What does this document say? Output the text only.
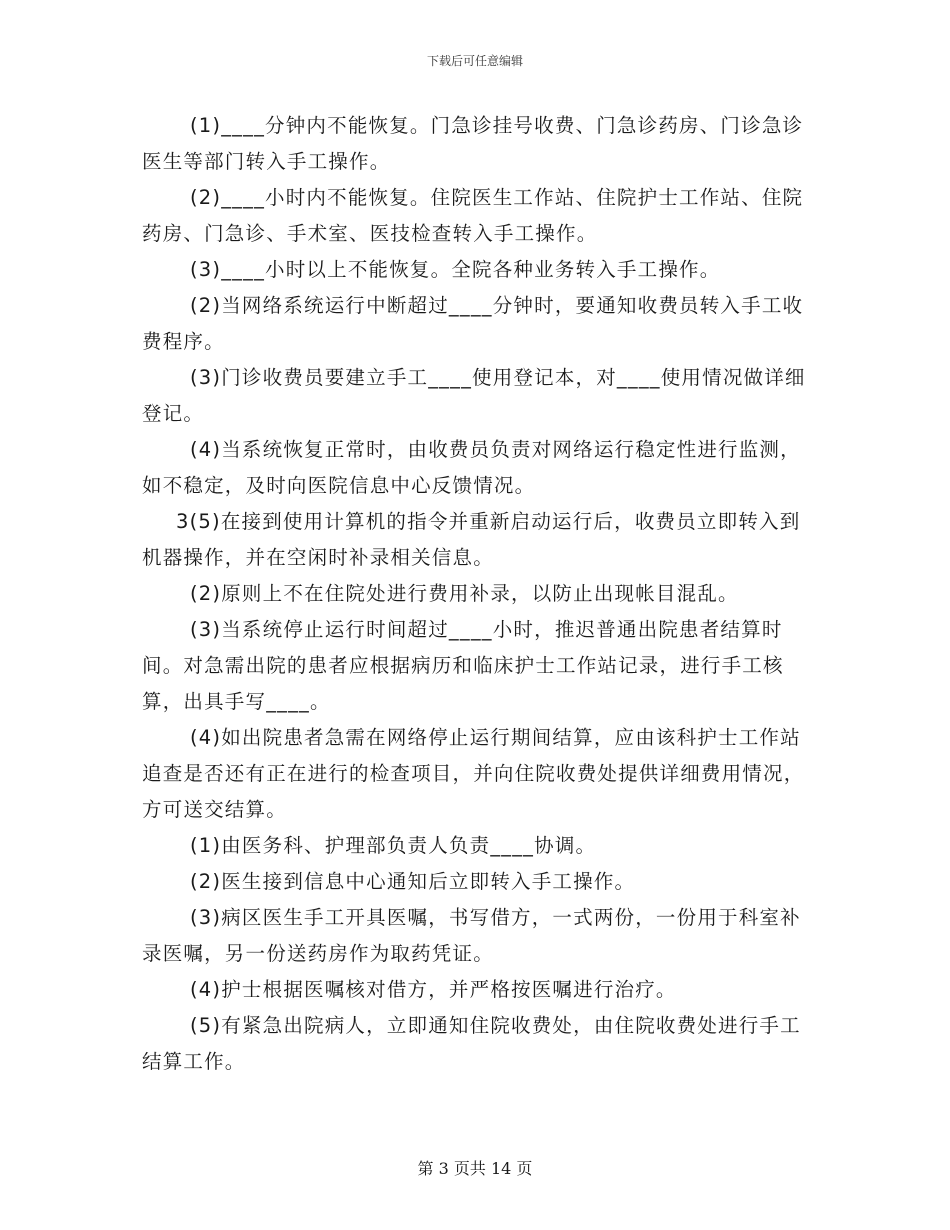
下载后可任意编辑

(1)____分钟内不能恢复。门急诊挂号收费、门急诊药房、门诊急诊医生等部门转入手工操作。

(2)____小时内不能恢复。住院医生工作站、住院护士工作站、住院药房、门急诊、手术室、医技检查转入手工操作。

(3)____小时以上不能恢复。全院各种业务转入手工操作。

(2)当网络系统运行中断超过____分钟时，要通知收费员转入手工收费程序。

(3)门诊收费员要建立手工____使用登记本，对____使用情况做详细登记。

(4)当系统恢复正常时，由收费员负责对网络运行稳定性进行监测，如不稳定，及时向医院信息中心反馈情况。

3(5)在接到使用计算机的指令并重新启动运行后，收费员立即转入到机器操作，并在空闲时补录相关信息。

(2)原则上不在住院处进行费用补录，以防止出现帐目混乱。

(3)当系统停止运行时间超过____小时，推迟普通出院患者结算时间。对急需出院的患者应根据病历和临床护士工作站记录，进行手工核算，出具手写____。

(4)如出院患者急需在网络停止运行期间结算，应由该科护士工作站追查是否还有正在进行的检查项目，并向住院收费处提供详细费用情况，方可送交结算。

(1)由医务科、护理部负责人负责____协调。

(2)医生接到信息中心通知后立即转入手工操作。

(3)病区医生手工开具医嘱，书写借方，一式两份，一份用于科室补录医嘱，另一份送药房作为取药凭证。

(4)护士根据医嘱核对借方，并严格按医嘱进行治疗。

(5)有紧急出院病人，立即通知住院收费处，由住院收费处进行手工结算工作。

第 3 页共 14 页
